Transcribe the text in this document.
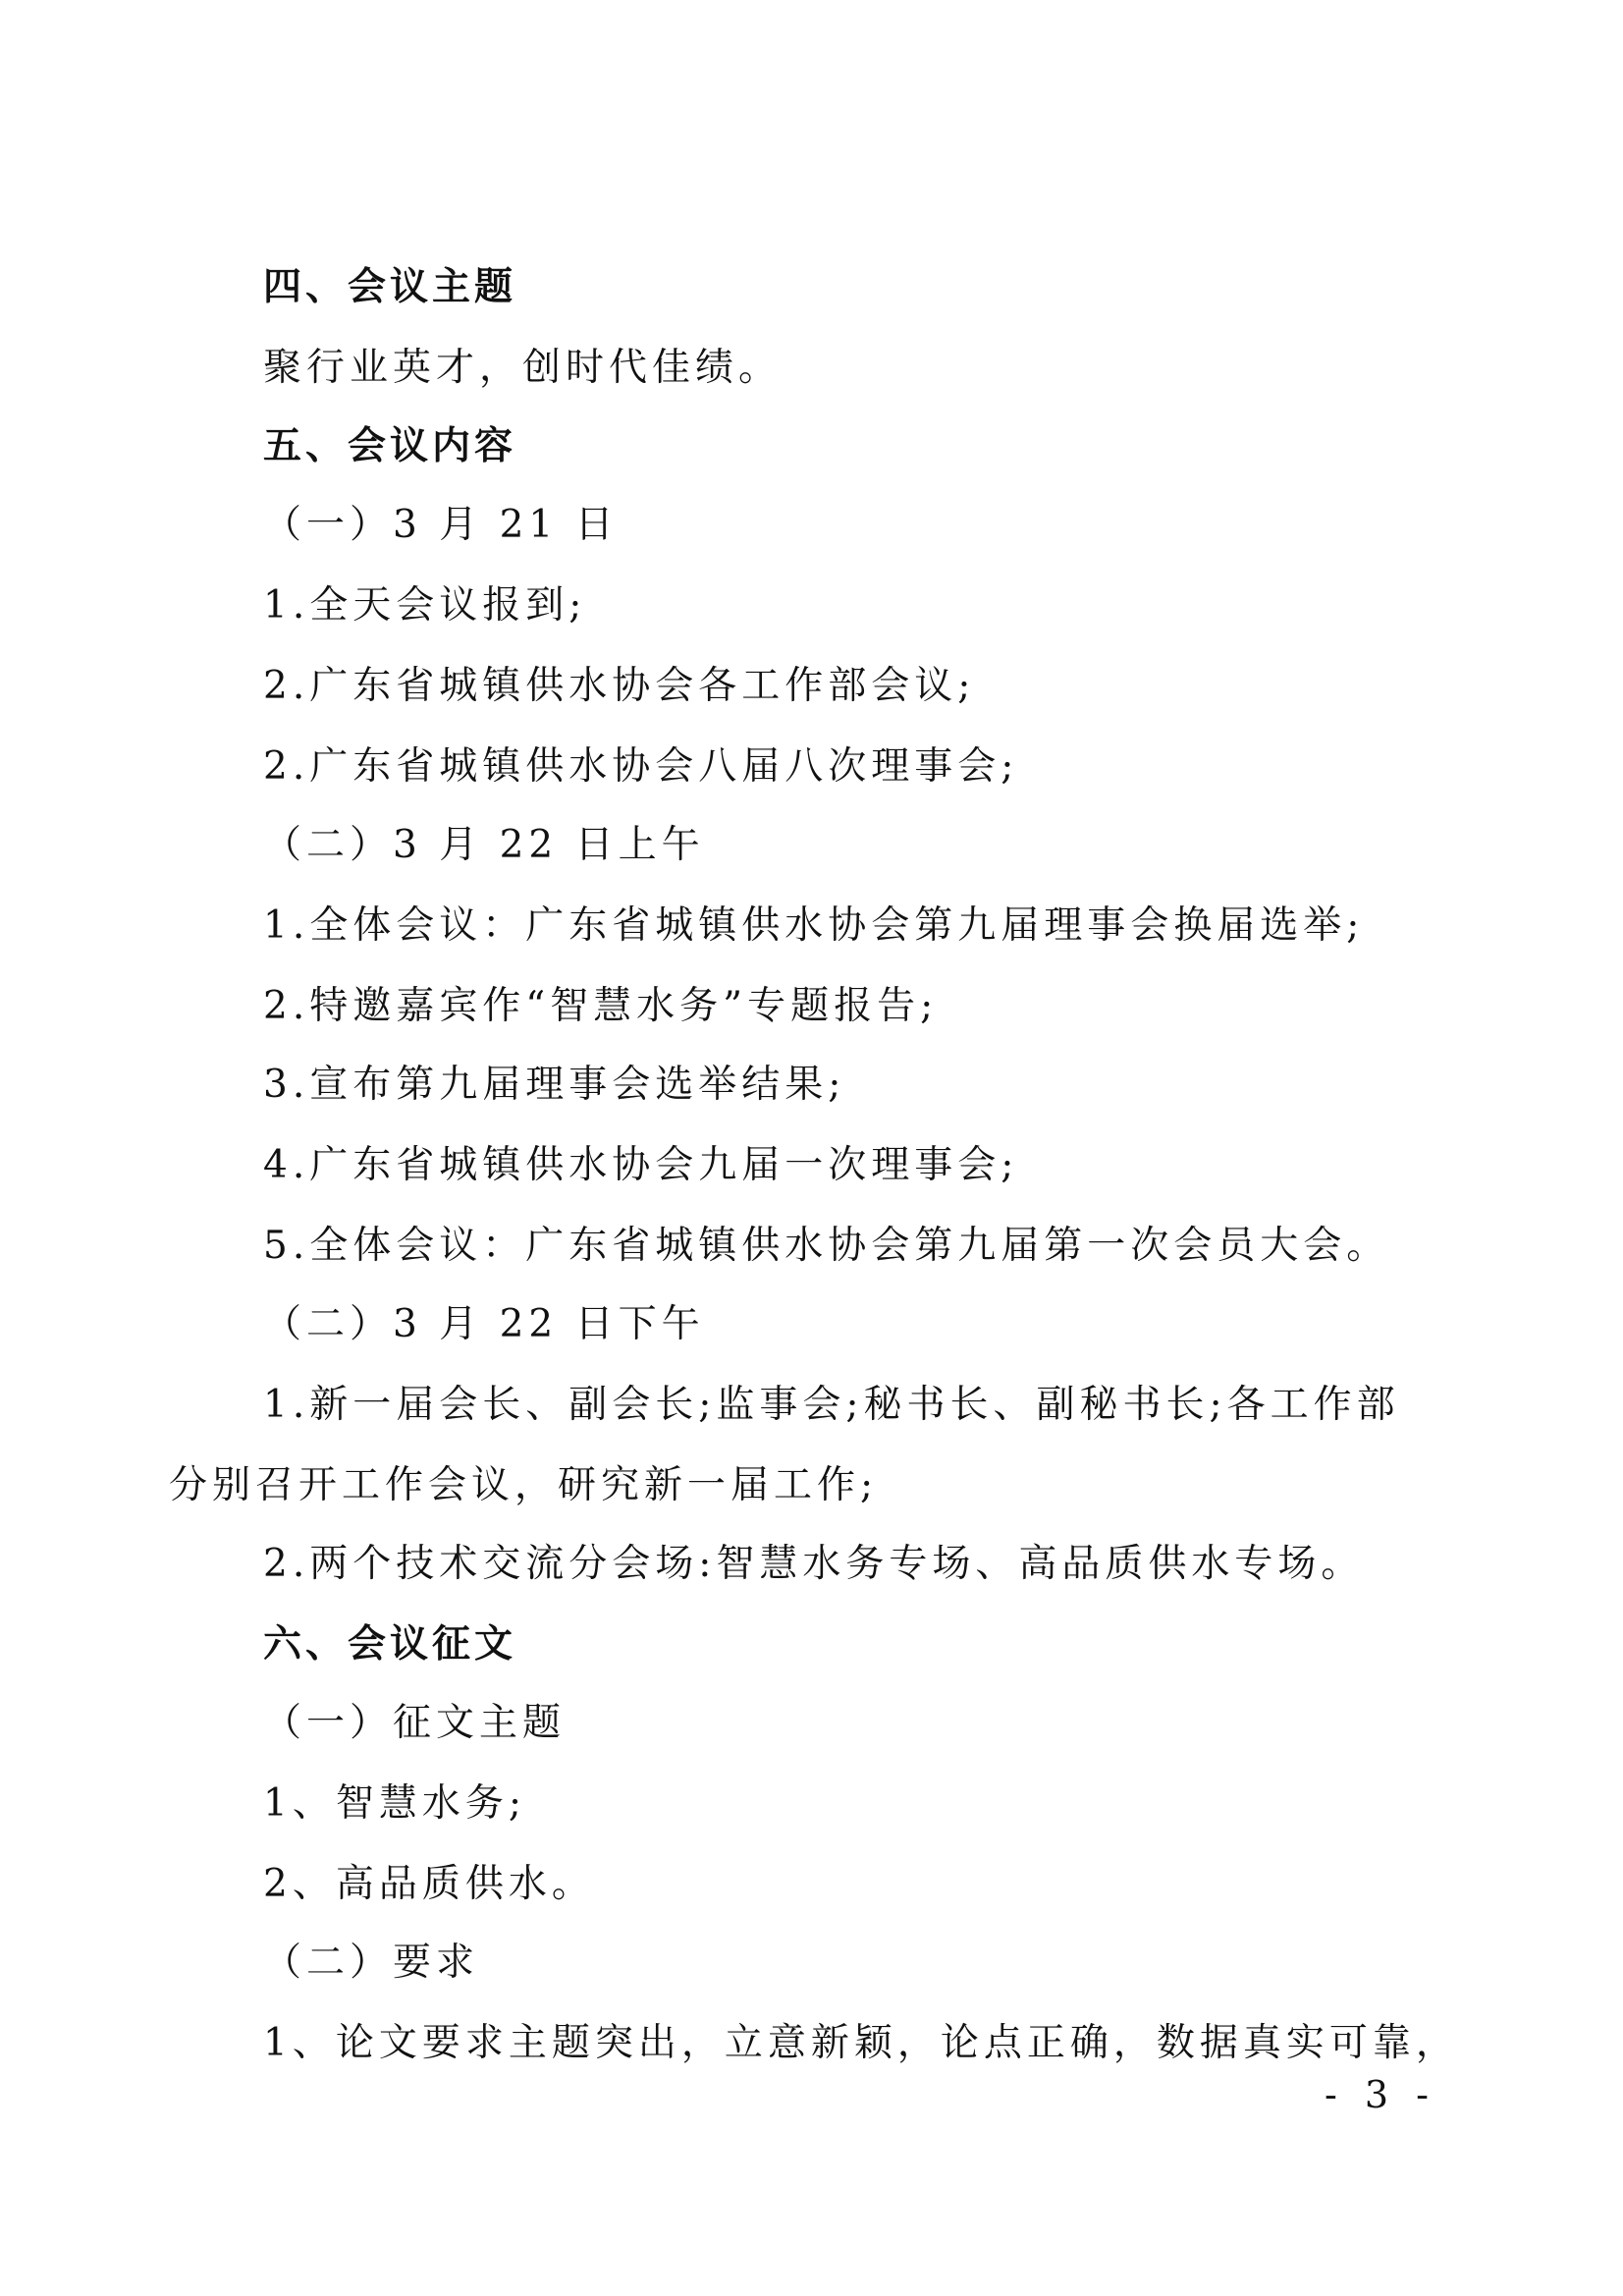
四、会议主题
聚行业英才，创时代佳绩。
五、会议内容
（一）3 月 21 日
1.全天会议报到;
2.广东省城镇供水协会各工作部会议;
2.广东省城镇供水协会八届八次理事会;
（二）3 月 22 日上午
1.全体会议：广东省城镇供水协会第九届理事会换届选举;
2.特邀嘉宾作“智慧水务”专题报告;
3.宣布第九届理事会选举结果;
4.广东省城镇供水协会九届一次理事会;
5.全体会议：广东省城镇供水协会第九届第一次会员大会。
（二）3 月 22 日下午
1.新一届会长、副会长;监事会;秘书长、副秘书长;各工作部
分别召开工作会议，研究新一届工作;
2.两个技术交流分会场:智慧水务专场、高品质供水专场。
六、会议征文
（一）征文主题
1、智慧水务;
2、高品质供水。
（二）要求
1、论文要求主题突出，立意新颖，论点正确，数据真实可靠，
- 3 -
